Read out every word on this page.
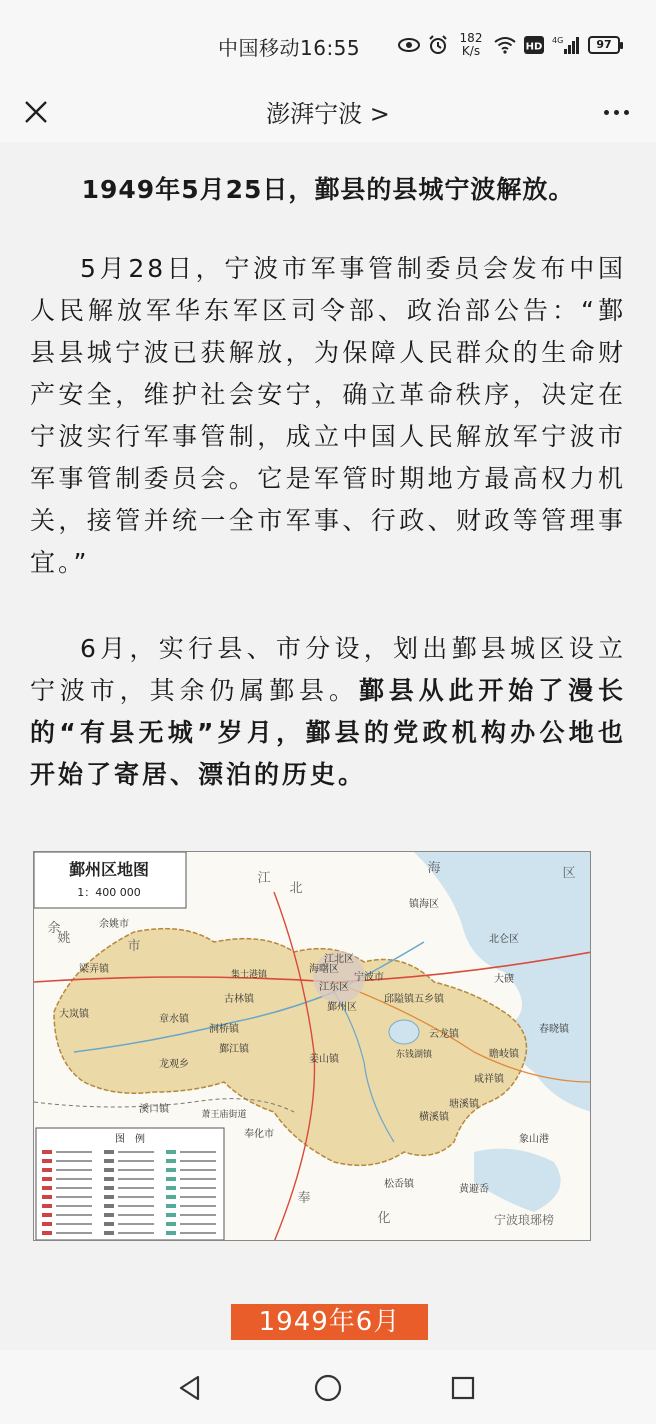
中国移动16:55	182
K/s	HD
4G	97
澎湃宁波 >
1949年5月25日，鄞县的县城宁波解放。
5月28日，宁波市军事管制委员会发布中国人民解放军华东军区司令部、政治部公告：“鄞县县城宁波已获解放，为保障人民群众的生命财产安全，维护社会安宁，确立革命秩序，决定在宁波实行军事管制，成立中国人民解放军宁波市军事管制委员会。它是军管时期地方最高权力机关，接管并统一全市军事、行政、财政等管理事宜。”
6月，实行县、市分设，划出鄞县城区设立宁波市，其余仍属鄞县。鄞县从此开始了漫长的“有县无城”岁月，鄞县的党政机构办公地也开始了寄居、漂泊的历史。
鄞州区地图
1：400 000
图　例
余姚市
江北区
海曙区
江东区
宁波市
鄞州区
镇海区
北仑区
奉化市	象山港
东钱湖镇
横溪镇
咸祥镇
瞻岐镇
塘溪镇
姜山镇
鄞江镇
章水镇
龙观乡
集士港镇
古林镇
洞桥镇
五乡镇
云龙镇
邱隘镇
大岚镇
梁弄镇
溪口镇	萧王庙街道
松岙镇	黄避岙
春晓镇
大碶
海
化
奉
江
北
区
市
姚
余
宁波琅琊榜
1949年6月
